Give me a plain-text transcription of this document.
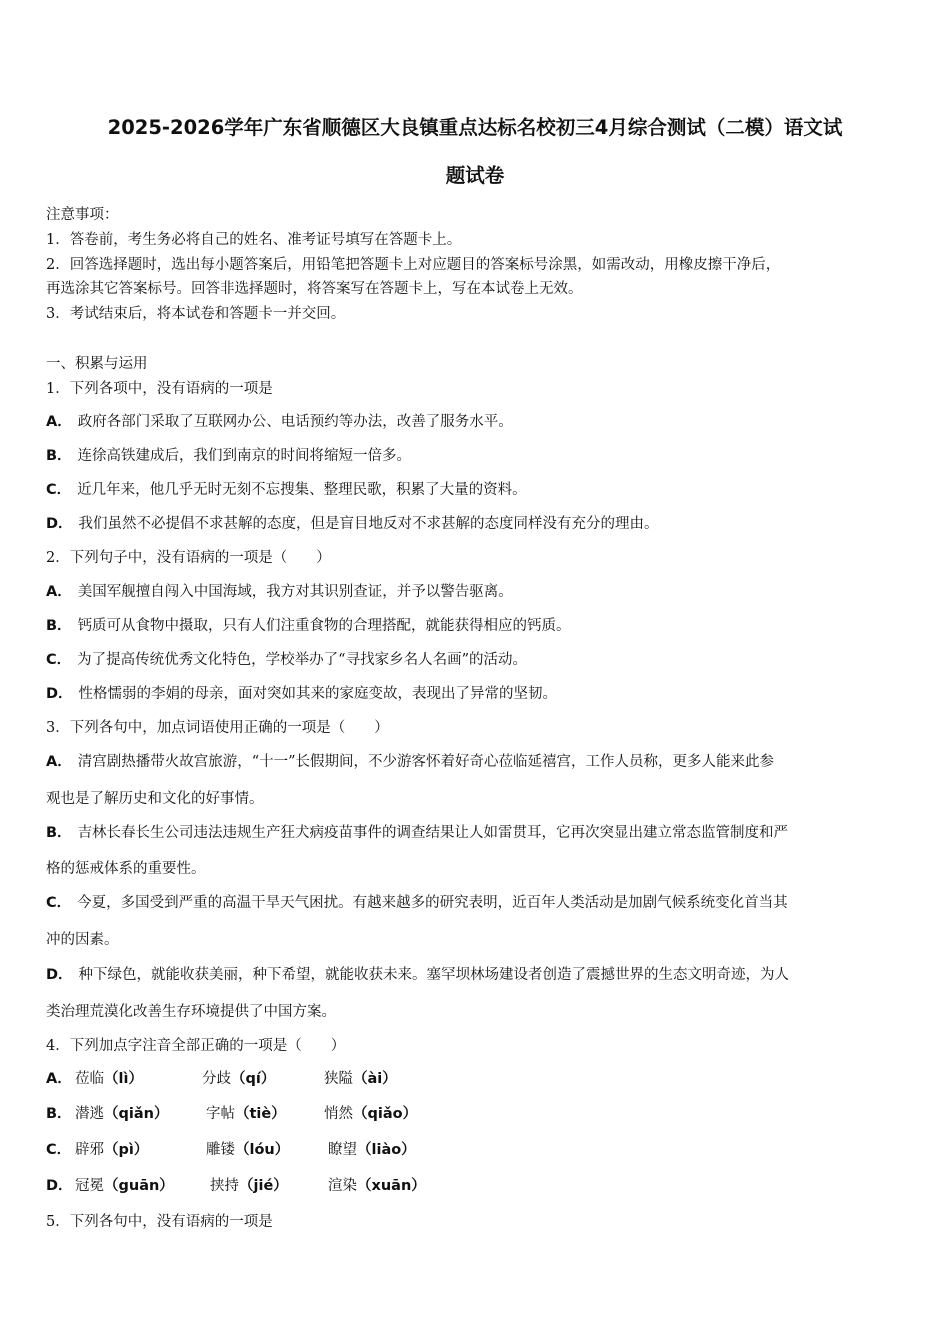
2025-2026学年广东省顺德区大良镇重点达标名校初三4月综合测试（二模）语文试
题试卷
注意事项：
1．答卷前，考生务必将自己的姓名、准考证号填写在答题卡上。
2．回答选择题时，选出每小题答案后，用铅笔把答题卡上对应题目的答案标号涂黑，如需改动，用橡皮擦干净后，
再选涂其它答案标号。回答非选择题时，将答案写在答题卡上，写在本试卷上无效。
3．考试结束后，将本试卷和答题卡一并交回。
一、积累与运用
1．下列各项中，没有语病的一项是
A． 政府各部门采取了互联网办公、电话预约等办法，改善了服务水平。
B． 连徐高铁建成后，我们到南京的时间将缩短一倍多。
C． 近几年来，他几乎无时无刻不忘搜集、整理民歌，积累了大量的资料。
D． 我们虽然不必提倡不求甚解的态度，但是盲目地反对不求甚解的态度同样没有充分的理由。
2．下列句子中，没有语病的一项是（　　）
A． 美国军舰擅自闯入中国海域，我方对其识别查证，并予以警告驱离。
B． 钙质可从食物中摄取，只有人们注重食物的合理搭配，就能获得相应的钙质。
C． 为了提高传统优秀文化特色，学校举办了“寻找家乡名人名画”的活动。
D． 性格懦弱的李娟的母亲，面对突如其来的家庭变故，表现出了异常的坚韧。
3．下列各句中，加点词语使用正确的一项是（　　）
A． 清宫剧热播带火故宫旅游，“十一”长假期间，不少游客怀着好奇心莅临延禧宫，工作人员称，更多人能来此参
观也是了解历史和文化的好事情。
B． 吉林长春长生公司违法违规生产狂犬病疫苗事件的调查结果让人如雷贯耳，它再次突显出建立常态监管制度和严
格的惩戒体系的重要性。
C． 今夏，多国受到严重的高温干旱天气困扰。有越来越多的研究表明，近百年人类活动是加剧气候系统变化首当其
冲的因素。
D． 种下绿色，就能收获美丽，种下希望，就能收获未来。塞罕坝林场建设者创造了震撼世界的生态文明奇迹，为人
类治理荒漠化改善生存环境提供了中国方案。
4．下列加点字注音全部正确的一项是（　　）
A． 莅临（lì）	分歧（qí）	狭隘（ài）
B． 潜逃（qiǎn）	字帖（tiè）	悄然（qiǎo）
C． 辟邪（pì）	雕镂（lóu）	瞭望（liào）
D． 冠冕（guān） 挟持（jié）	渲染（xuān）
5．下列各句中，没有语病的一项是
